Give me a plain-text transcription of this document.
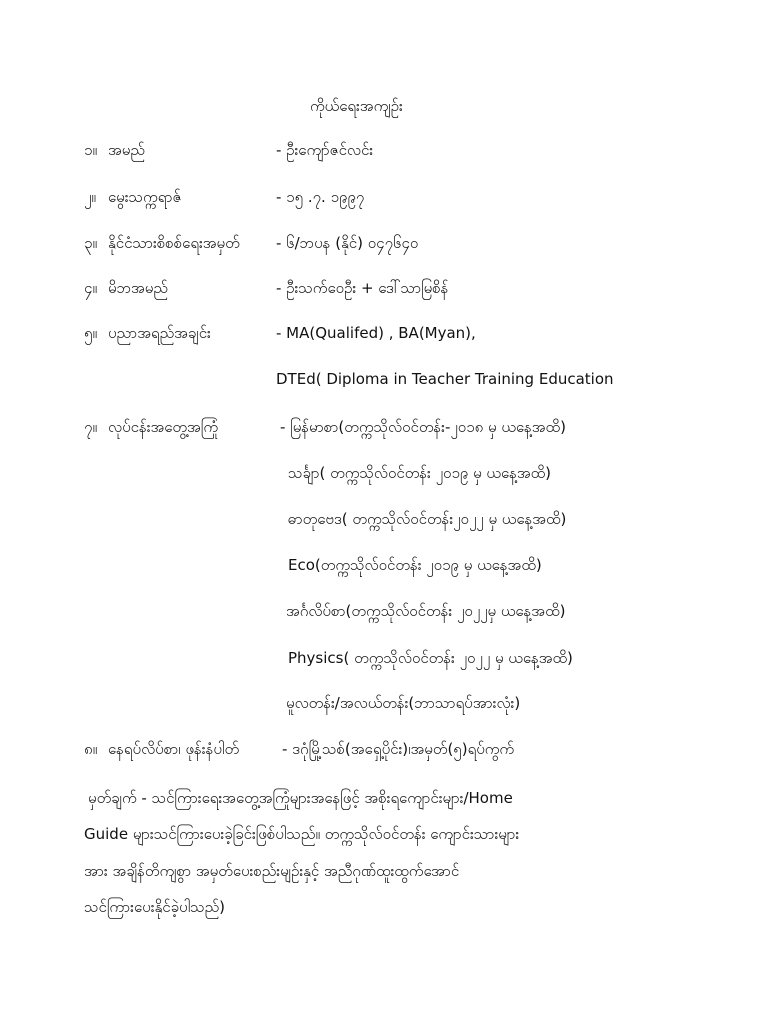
ကိုယ်ရေးအကျဉ်း
၁။ အမည်	- ဦးကျော်ဇင်လင်း
၂။ မွေးသက္ကရာဇ်	- ၁၅ .၇. ၁၉၉၇
၃။ နိုင်ငံသားစိစစ်ရေးအမှတ် - ၆/ဘပန (နိုင်) ၀၄၇၆၄၀
၄။ မိဘအမည်	- ဦးသက်ဝေဦး + ဒေါ်သာမြစိန်
၅။ ပညာအရည်အချင်း	- MA(Qualifed) , BA(Myan),
DTEd( Diploma in Teacher Training Education
၇။ လုပ်ငန်းအတွေ့အကြုံ	- မြန်မာစာ(တက္ကသိုလ်ဝင်တန်း-၂၀၁၈ မှ ယနေ့အထိ)
သင်္ချာ( တက္ကသိုလ်ဝင်တန်း ၂၀၁၉ မှ ယနေ့အထိ)
ဓာတုဗေဒ( တက္ကသိုလ်ဝင်တန်း၂၀၂၂ မှ ယနေ့အထိ)
Eco(တက္ကသိုလ်ဝင်တန်း ၂၀၁၉ မှ ယနေ့အထိ)
အင်္ဂလိပ်စာ(တက္ကသိုလ်ဝင်တန်း ၂၀၂၂မှ ယနေ့အထိ)
Physics( တက္ကသိုလ်ဝင်တန်း ၂၀၂၂ မှ ယနေ့အထိ)
မူလတန်း/အလယ်တန်း(ဘာသာရပ်အားလုံး)
၈။ နေရပ်လိပ်စာ၊ ဖုန်းနံပါတ်	- ဒဂုံမြို့သစ်(အရှေ့ပိုင်း)၊အမှတ်(၅)ရပ်ကွက်
မှတ်ချက် - သင်ကြားရေးအတွေ့အကြုံများအနေဖြင့် အစိုးရကျောင်းများ/Home
Guide များသင်ကြားပေးခဲ့ခြင်းဖြစ်ပါသည်။ တက္ကသိုလ်ဝင်တန်း ကျောင်းသားများ
အား အချိန်တိကျစွာ အမှတ်ပေးစည်းမျဉ်းနှင့် အညီဂုဏ်ထူးထွက်အောင်
သင်ကြားပေးနိုင်ခဲ့ပါသည်)
